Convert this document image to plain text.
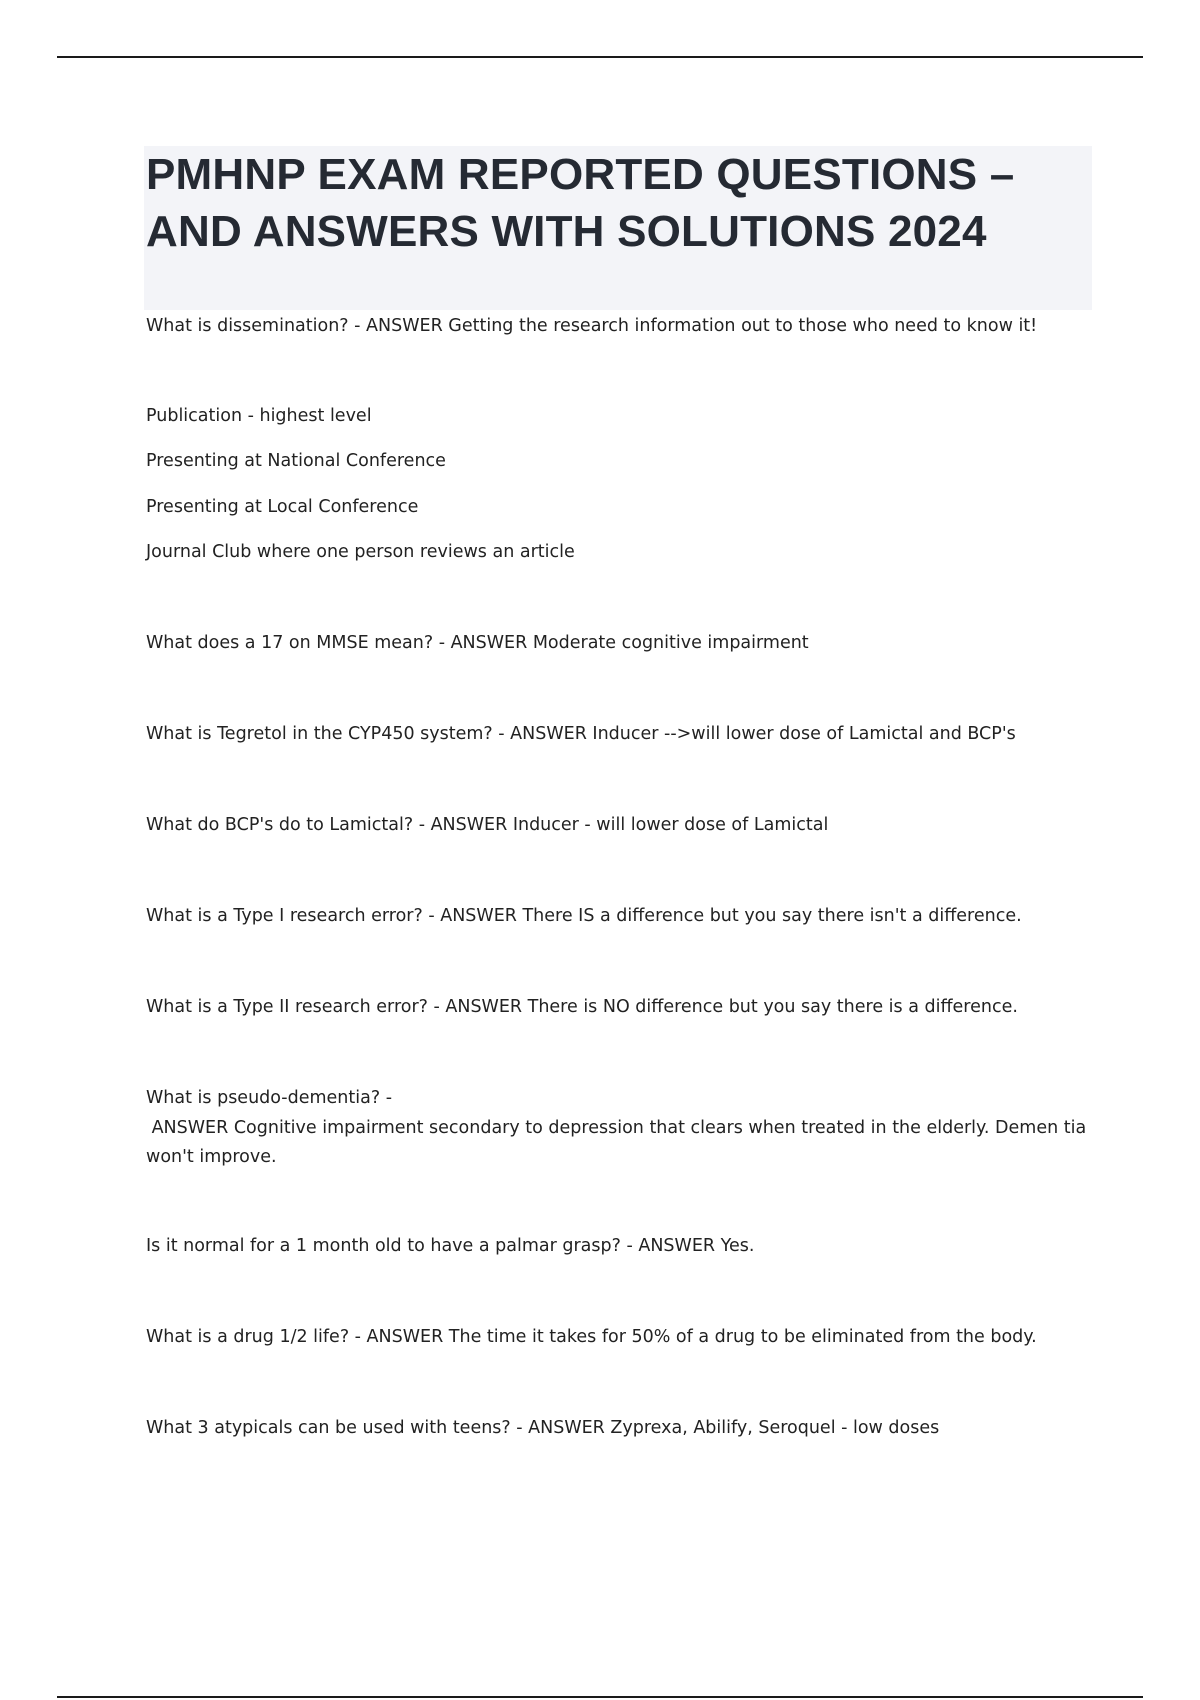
PMHNP EXAM REPORTED QUESTIONS – AND ANSWERS WITH SOLUTIONS 2024

What is dissemination? - ANSWER Getting the research information out to those who need to know it!

Publication - highest level

Presenting at National Conference

Presenting at Local Conference

Journal Club where one person reviews an article

What does a 17 on MMSE mean? - ANSWER Moderate cognitive impairment

What is Tegretol in the CYP450 system? - ANSWER Inducer -->will lower dose of Lamictal and BCP's

What do BCP's do to Lamictal? - ANSWER Inducer - will lower dose of Lamictal

What is a Type I research error? - ANSWER There IS a difference but you say there isn't a difference.

What is a Type II research error? - ANSWER There is NO difference but you say there is a difference.

What is pseudo-dementia? -

ANSWER Cognitive impairment secondary to depression that clears when treated in the elderly. Demen tia won't improve.

Is it normal for a 1 month old to have a palmar grasp? - ANSWER Yes.

What is a drug 1/2 life? - ANSWER The time it takes for 50% of a drug to be eliminated from the body.

What 3 atypicals can be used with teens? - ANSWER Zyprexa, Abilify, Seroquel - low doses
